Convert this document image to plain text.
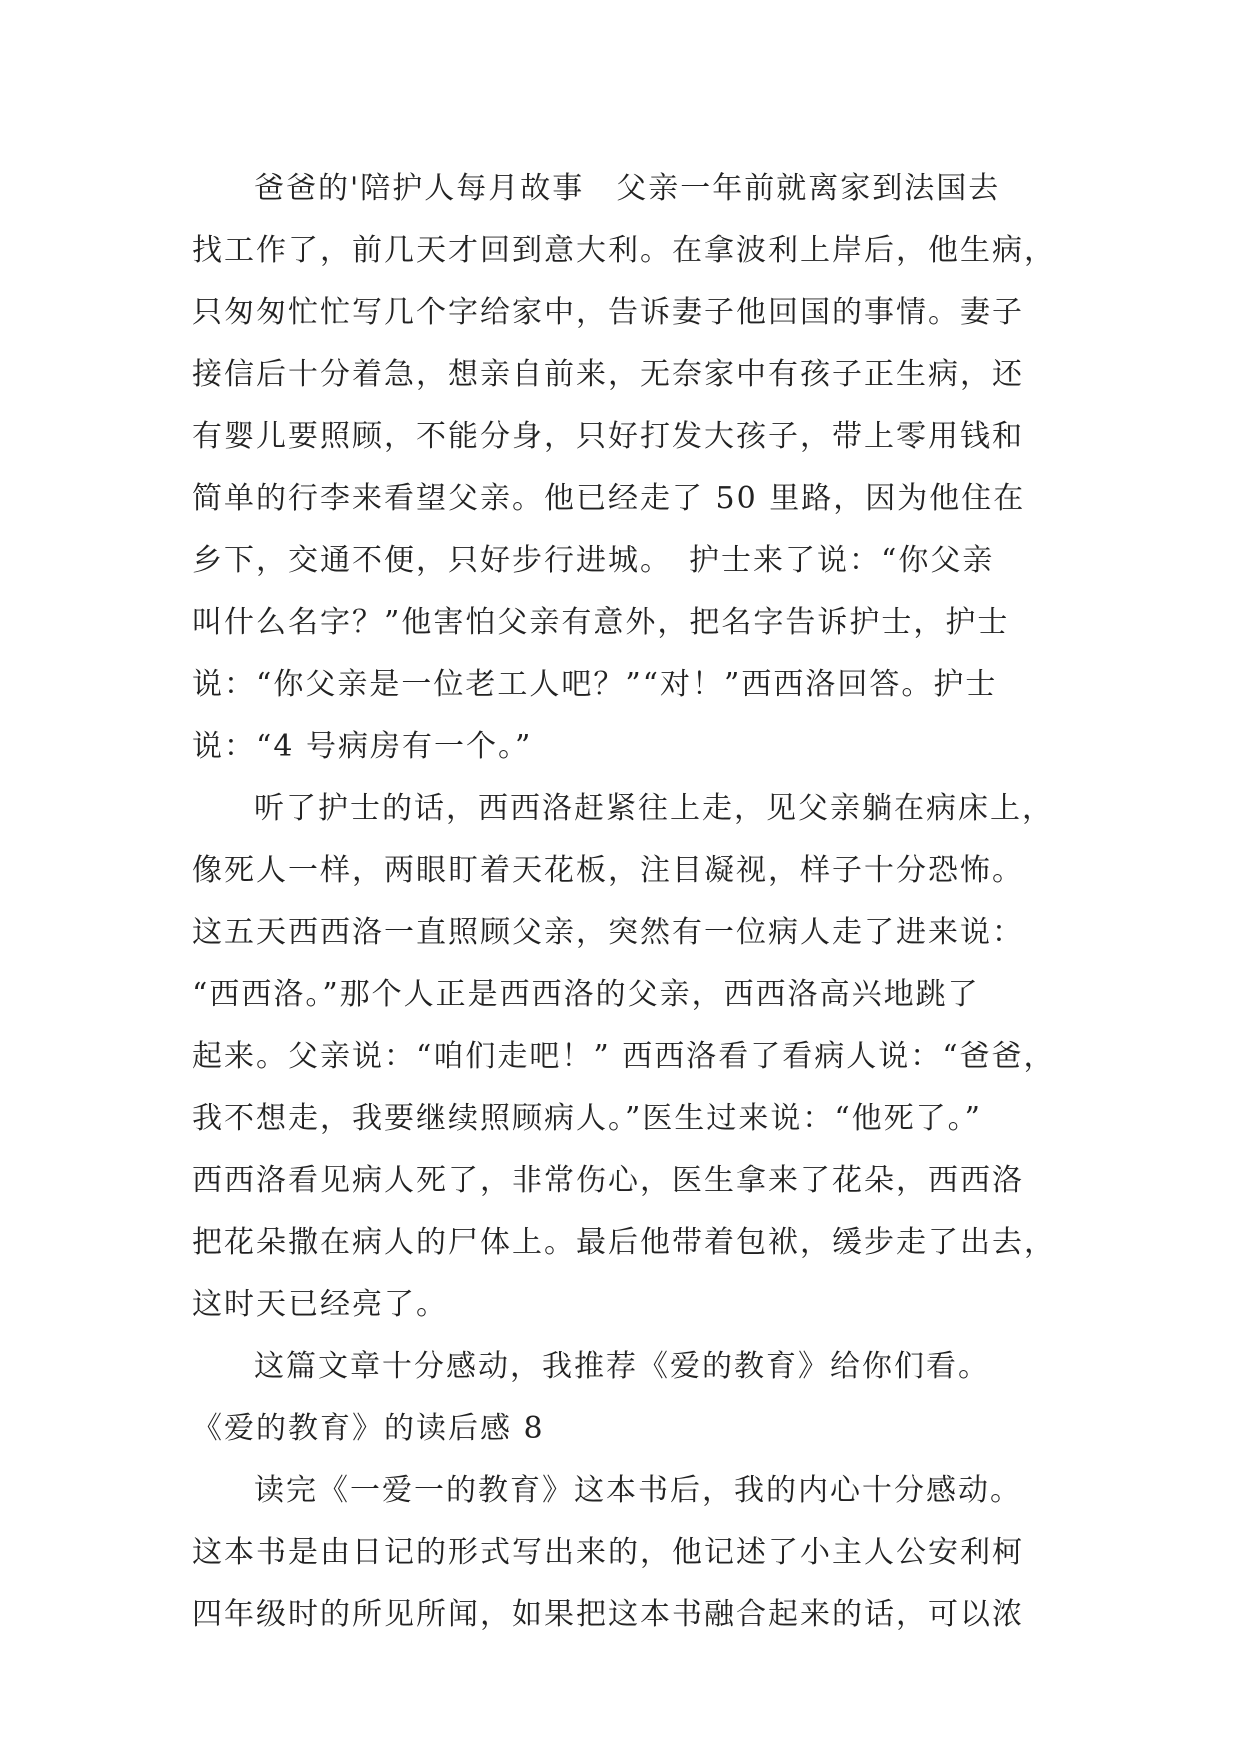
爸爸的'陪护人每月故事　父亲一年前就离家到法国去
找工作了，前几天才回到意大利。在拿波利上岸后，他生病，
只匆匆忙忙写几个字给家中，告诉妻子他回国的事情。妻子
接信后十分着急，想亲自前来，无奈家中有孩子正生病，还
有婴儿要照顾，不能分身，只好打发大孩子，带上零用钱和
简单的行李来看望父亲。他已经走了 50 里路，因为他住在
乡下，交通不便，只好步行进城。　护士来了说：“你父亲
叫什么名字？”他害怕父亲有意外，把名字告诉护士，护士
说：“你父亲是一位老工人吧？”“对！”西西洛回答。护士
说：“4 号病房有一个。”
听了护士的话，西西洛赶紧往上走，见父亲躺在病床上，
像死人一样，两眼盯着天花板，注目凝视，样子十分恐怖。
这五天西西洛一直照顾父亲，突然有一位病人走了进来说：
“西西洛。”那个人正是西西洛的父亲，西西洛高兴地跳了
起来。父亲说：“咱们走吧！” 西西洛看了看病人说：“爸爸，
我不想走，我要继续照顾病人。”医生过来说：“他死了。”
西西洛看见病人死了，非常伤心，医生拿来了花朵，西西洛
把花朵撒在病人的尸体上。最后他带着包袱，缓步走了出去，
这时天已经亮了。
这篇文章十分感动，我推荐《爱的教育》给你们看。
《爱的教育》的读后感 8
读完《一爱一的教育》这本书后，我的内心十分感动。
这本书是由日记的形式写出来的，他记述了小主人公安利柯
四年级时的所见所闻，如果把这本书融合起来的话，可以浓
